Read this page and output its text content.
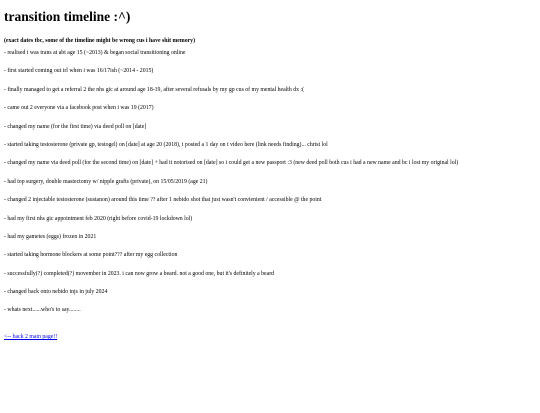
transition timeline :^)

(exact dates tbc, some of the timeline might be wrong cus i have shit memory)

- realised i was trans at abt age 15 (~2013) & began social transitioning online

- first started coming out irl when i was 16/17ish (~2014 - 2015)

- finally managed to get a referral 2 the nhs gic at around age 18-19, after several refusals by my gp cus of my mental health dx :(

- came out 2 everyone via a facebook post when i was 19 (2017)

- changed my name (for the first time) via deed poll on [date]

- started taking testosterone (private gp, testogel) on [date] at age 20 (2018), i posted a 1 day on t video here (link needs finding)... christ lol

- changed my name via deed poll (for the second time) on [date] + had it notorised on [date] so i could get a new passport :3 (new deed poll both cus i had a new name and bc i lost my original lol)

- had top surgery, double mastectomy w/ nipple grafts (private), on 15/05/2019 (age 21)

- changed 2 injectable testosterone (sustanon) around this time ?? after 1 nebido shot that just wasn't convienient / accessible @ the point

- had my first nhs gic appointment feb 2020 (right before covid-19 lockdown lol)

- had my gametes (eggs) frozen in 2021

- started taking hormone blockers at some point??? after my egg collection

- successfully(?) completed(?) movember in 2023. i can now grow a beard. not a good one, but it's definitely a beard

- changed back onto nebido injs in july 2024

- whats next......who's to say........

<-- back 2 main page!!
